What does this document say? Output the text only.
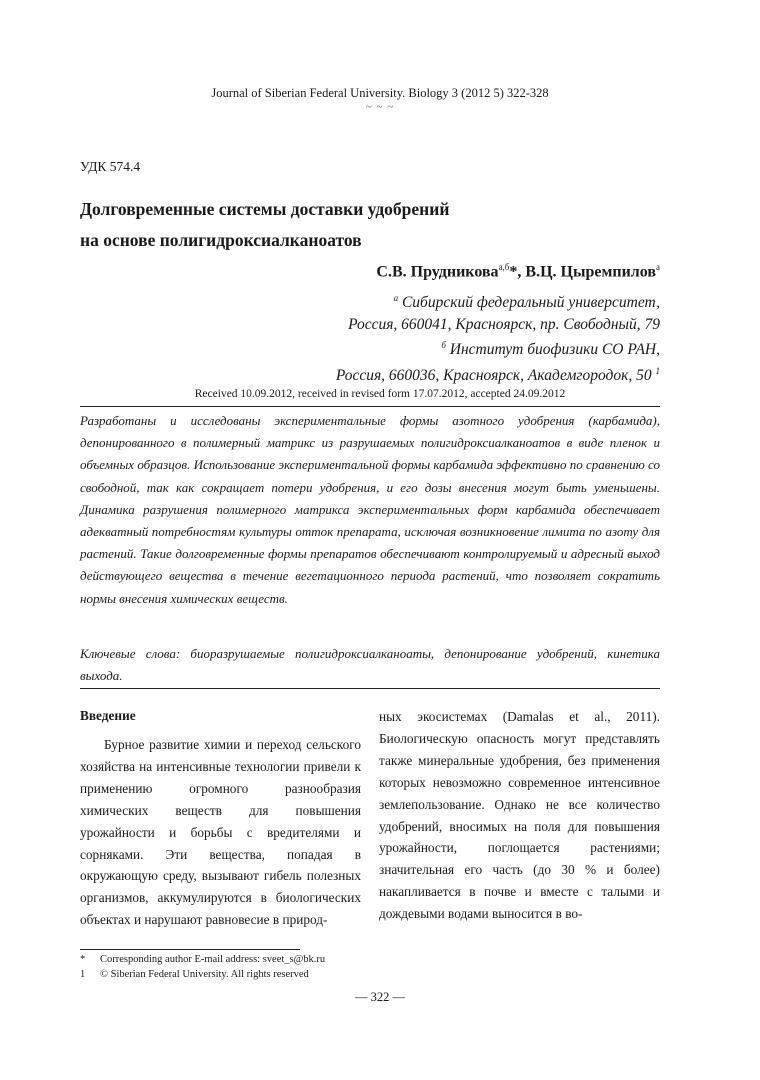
Journal of Siberian Federal University. Biology 3 (2012 5) 322-328
~ ~ ~
УДК 574.4
Долговременные системы доставки удобрений
на основе полигидроксиалканоатов
С.В. Прудникова$^{а,б}$*, В.Ц. Цыремпилов$^а$
$^а$ Сибирский федеральный университет,
Россия, 660041, Красноярск, пр. Свободный, 79
$^б$ Институт биофизики СО РАН,
Россия, 660036, Красноярск, Академгородок, 50 $^1$
Received 10.09.2012, received in revised form 17.07.2012, accepted 24.09.2012
Разработаны и исследованы экспериментальные формы азотного удобрения (карбамида), депонированного в полимерный матрикс из разрушаемых полигидроксиалканоатов в виде пленок и объемных образцов. Использование экспериментальной формы карбамида эффективно по сравнению со свободной, так как сокращает потери удобрения, и его дозы внесения могут быть уменьшены. Динамика разрушения полимерного матрикса экспериментальных форм карбамида обеспечивает адекватный потребностям культуры отток препарата, исключая возникновение лимита по азоту для растений. Такие долговременные формы препаратов обеспечивают контролируемый и адресный выход действующего вещества в течение вегетационного периода растений, что позволяет сократить нормы внесения химических веществ.
Ключевые слова: биоразрушаемые полигидроксиалканоаты, депонирование удобрений, кинетика выхода.
Введение

Бурное развитие химии и переход сельского хозяйства на интенсивные технологии привели к применению огромного разнообразия химических веществ для повышения урожайности и борьбы с вредителями и сорняками. Эти вещества, попадая в окружающую среду, вызывают гибель полезных организмов, аккумулируются в биологических объектах и нарушают равновесие в природ-

ных экосистемах (Damalas et al., 2011). Биологическую опасность могут представлять также минеральные удобрения, без применения которых невозможно современное интенсивное землепользование. Однако не все количество удобрений, вносимых на поля для повышения урожайности, поглощается растениями; значительная его часть (до 30 % и более) накапливается в почве и вместе с талыми и дождевыми водами выносится в во-

*	Corresponding author E-mail address: sveet_s@bk.ru
1	© Siberian Federal University. All rights reserved
— 322 —
